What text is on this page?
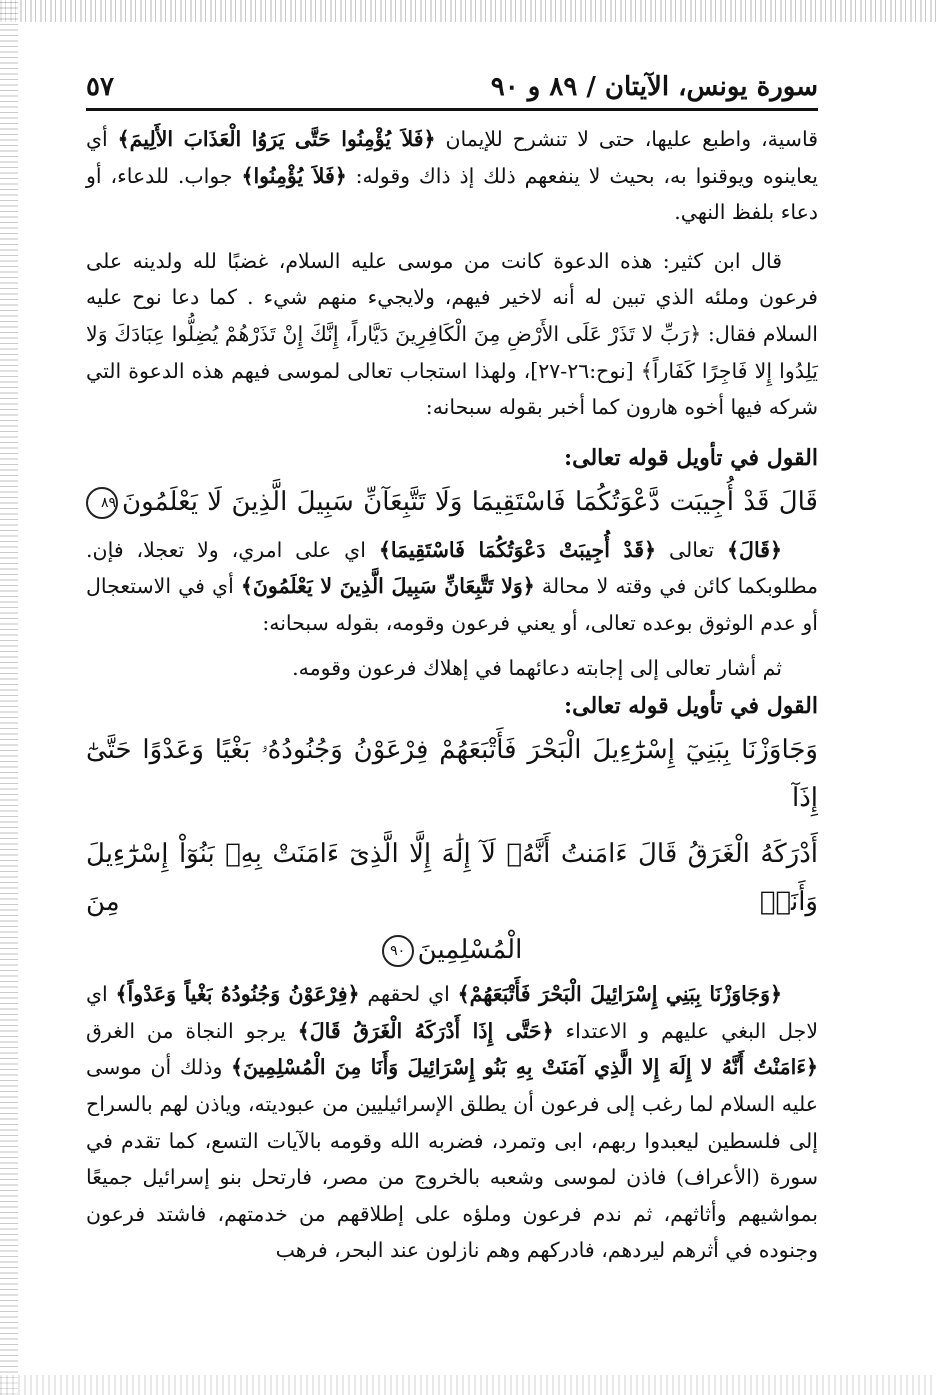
سورة يونس، الآيتان / ٨٩ و ٩٠
٥٧

قاسية، واطبع عليها، حتى لا تنشرح للإيمان ﴿فَلاَ يُؤْمِنُوا حَتَّى يَرَوُا الْعَذَابَ الأَلِيمَ﴾ أي يعاينوه ويوقنوا به، بحيث لا ينفعهم ذلك إذ ذاك وقوله: ﴿فَلاَ يُؤْمِنُوا﴾ جواب. للدعاء، أو دعاء بلفظ النهي.

قال ابن كثير: هذه الدعوة كانت من موسى عليه السلام، غضبًا لله ولدينه على فرعون وملئه الذي تبين له أنه لاخير فيهم، ولايجيء منهم شيء . كما دعا نوح عليه السلام فقال: ﴿رَبِّ لا تَذَرْ عَلَى الأَرْضِ مِنَ الْكَافِرِينَ دَيَّاراً، إِنَّكَ إِنْ تَذَرْهُمْ يُضِلُّوا عِبَادَكَ وَلا يَلِدُوا إِلا فَاجِرًا كَفَاراً﴾ [نوح:٢٦-٢٧]، ولهذا استجاب تعالى لموسى فيهم هذه الدعوة التي شركه فيها أخوه هارون كما أخبر بقوله سبحانه:

القول في تأويل قوله تعالى:

قَالَ قَدْ أُجِيبَت دَّعْوَتُكُمَا فَاسْتَقِيمَا وَلَا تَتَّبِعَآنِّ سَبِيلَ الَّذِينَ لَا يَعْلَمُونَ٨٩

﴿قَالَ﴾ تعالى ﴿قَدْ أُجِيبَتْ دَعْوَتُكُمَا فَاسْتَقِيمَا﴾ اي على امري، ولا تعجلا، فإن. مطلوبكما كائن في وقته لا محالة ﴿وَلا تَتَّبِعَانِّ سَبِيلَ الَّذِينَ لا يَعْلَمُونَ﴾ أي في الاستعجال أو عدم الوثوق بوعده تعالى، أو يعني فرعون وقومه، بقوله سبحانه:

ثم أشار تعالى إلى إجابته دعائهما في إهلاك فرعون وقومه.

القول في تأويل قوله تعالى:

وَجَاوَزْنَا بِبَنِيٓ إِسْرَٰٓءِيلَ الْبَحْرَ فَأَتْبَعَهُمْ فِرْعَوْنُ وَجُنُودُهُۥ بَغْيًا وَعَدْوًا حَتَّىٰٓ إِذَآ

أَدْرَكَهُ الْغَرَقُ قَالَ ءَامَنتُ أَنَّهُۥ لَآ إِلَٰهَ إِلَّا الَّذِىٓ ءَامَنَتْ بِهِۦ بَنُوٓاْ إِسْرَٰٓءِيلَ وَأَنَا۠ مِنَ

الْمُسْلِمِينَ٩٠

﴿وَجَاوَزْنَا بِبَنِي إِسْرَائِيلَ الْبَحْرَ فَأَتْبَعَهُمْ﴾ اي لحقهم ﴿فِرْعَوْنُ وَجُنُودُهُ بَغْياً وَعَدْواً﴾ اي لاجل البغي عليهم و الاعتداء ﴿حَتَّى إِذَا أَدْرَكَهُ الْغَرَقُ قَالَ﴾ يرجو النجاة من الغرق ﴿ءَامَنْتُ أَنَّهُ لا إِلَهَ إِلا الَّذِي آمَنَتْ بِهِ بَنُو إِسْرَائِيلَ وَأَنَا مِنَ الْمُسْلِمِينَ﴾ وذلك أن موسى عليه السلام لما رغب إلى فرعون أن يطلق الإسرائيليين من عبوديته، وياذن لهم بالسراح إلى فلسطين ليعبدوا ربهم، ابى وتمرد، فضربه الله وقومه بالآيات التسع، كما تقدم في سورة (الأعراف) فاذن لموسى وشعبه بالخروج من مصر، فارتحل بنو إسرائيل جميعًا بمواشيهم وأثاثهم، ثم ندم فرعون وملؤه على إطلاقهم من خدمتهم، فاشتد فرعون وجنوده في أثرهم ليردهم، فادركهم وهم نازلون عند البحر، فرهب
